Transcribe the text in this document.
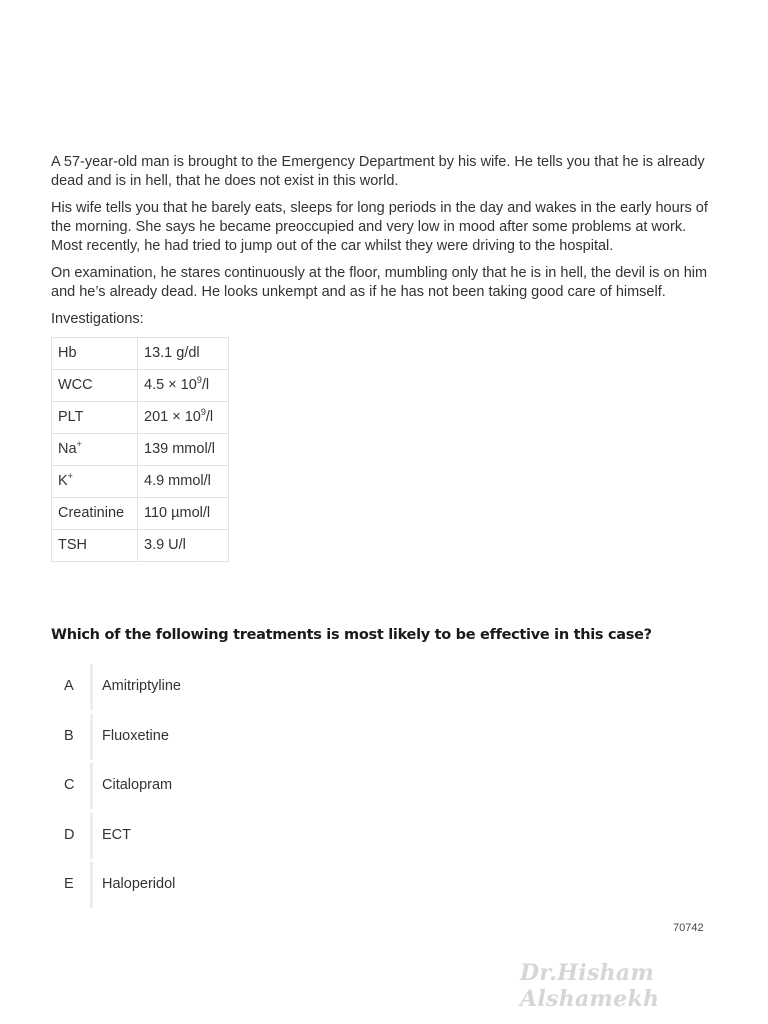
A 57-year-old man is brought to the Emergency Department by his wife. He tells you that he is already dead and is in hell, that he does not exist in this world.

His wife tells you that he barely eats, sleeps for long periods in the day and wakes in the early hours of the morning. She says he became preoccupied and very low in mood after some problems at work. Most recently, he had tried to jump out of the car whilst they were driving to the hospital.

On examination, he stares continuously at the floor, mumbling only that he is in hell, the devil is on him and he’s already dead. He looks unkempt and as if he has not been taking good care of himself.

Investigations:

Hb	13.1 g/dl
WCC	$4.5 \times 10^9/l$
PLT	$201 \times 10^9/l$
Na+	139 mmol/l
K+	4.9 mmol/l
Creatinine	110 µmol/l
TSH	3.9 U/l
Which of the following treatments is most likely to be effective in this case?
A Amitriptyline
B Fluoxetine
C Citalopram
D ECT
E Haloperidol
70742
Dr.Hisham Alshamekh
